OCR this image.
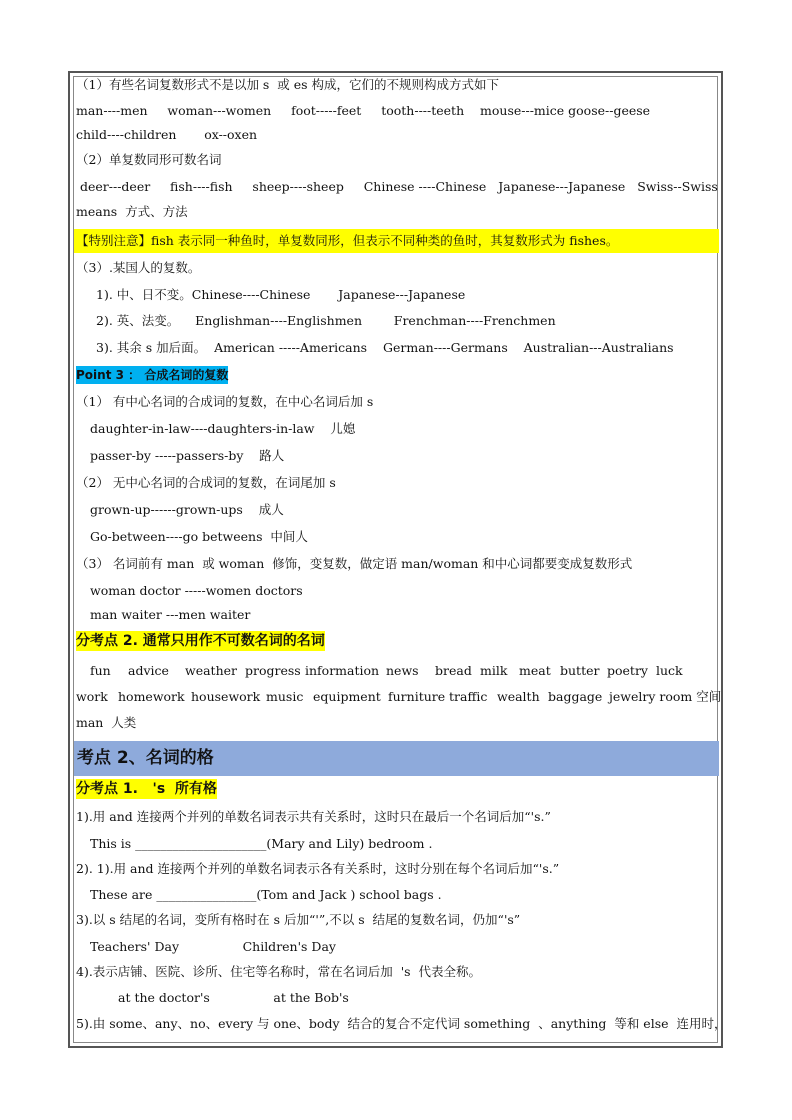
（1）有些名词复数形式不是以加 s  或 es 构成，它们的不规则构成方式如下
man----men     woman---women     foot-----feet     tooth----teeth    mouse---mice goose--geese
child----children       ox--oxen
（2）单复数同形可数名词
deer---deer     fish----fish     sheep----sheep     Chinese ----Chinese   Japanese---Japanese   Swiss--Swiss
means  方式、方法
【特别注意】fish 表示同一种鱼时，单复数同形，但表示不同种类的鱼时，其复数形式为 fishes。
（3）.某国人的复数。
1). 中、日不变。Chinese----Chinese       Japanese---Japanese
2). 英、法变。    Englishman----Englishmen        Frenchman----Frenchmen
3). 其余 s 加后面。  American -----Americans    German----Germans    Australian---Australians
Point 3 ： 合成名词的复数
（1） 有中心名词的合成词的复数，在中心名词后加 s
daughter-in-law----daughters-in-law    儿媳
passer-by -----passers-by    路人
（2） 无中心名词的合成词的复数，在词尾加 s
grown-up------grown-ups    成人
Go-between----go betweens  中间人
（3） 名词前有 man  或 woman  修饰，变复数，做定语 man/woman 和中心词都要变成复数形式
woman doctor -----women doctors
man waiter ---men waiter
分考点 2. 通常只用作不可数名词的名词
fun advice weather progress information news bread milk meat butter poetry luck
work homework housework music equipment furniture traffic wealth baggage jewelry room 空间
man  人类
考点 2、名词的格
分考点 1.   's  所有格
1).用 and 连接两个并列的单数名词表示共有关系时，这时只在最后一个名词后加“'s.”
This is _____________________(Mary and Lily) bedroom .
2). 1).用 and 连接两个并列的单数名词表示各有关系时，这时分别在每个名词后加“'s.”
These are ________________(Tom and Jack ) school bags .
3).以 s 结尾的名词，变所有格时在 s 后加“'”,不以 s  结尾的复数名词，仍加“'s”
Teachers' Day                Children's Day
4).表示店铺、医院、诊所、住宅等名称时，常在名词后加  's  代表全称。
at the doctor's                at the Bob's
5).由 some、any、no、every 与 one、body  结合的复合不定代词 something  、anything  等和 else  连用时，
